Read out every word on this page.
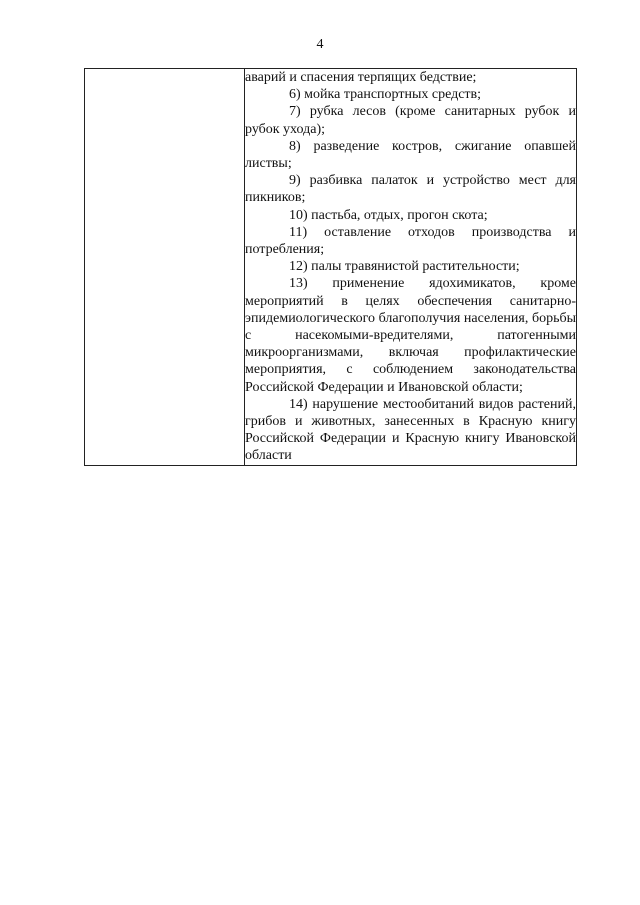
4

аварий и спасения терпящих бедствие;

6) мойка транспортных средств;

7) рубка лесов (кроме санитарных рубок и рубок ухода);

8) разведение костров, сжигание опавшей листвы;

9) разбивка палаток и устройство мест для пикников;

10) пастьба, отдых, прогон скота;

11) оставление отходов производства и потребления;

12) палы травянистой растительности;

13) применение ядохимикатов, кроме мероприятий в целях обеспечения санитарно-эпидемиологического благополучия населения, борьбы с насекомыми-вредителями, патогенными микроорганизмами, включая профилактические мероприятия, с соблюдением законодательства Российской Федерации и Ивановской области;

14) нарушение местообитаний видов растений, грибов и животных, занесенных в Красную книгу Российской Федерации и Красную книгу Ивановской области
